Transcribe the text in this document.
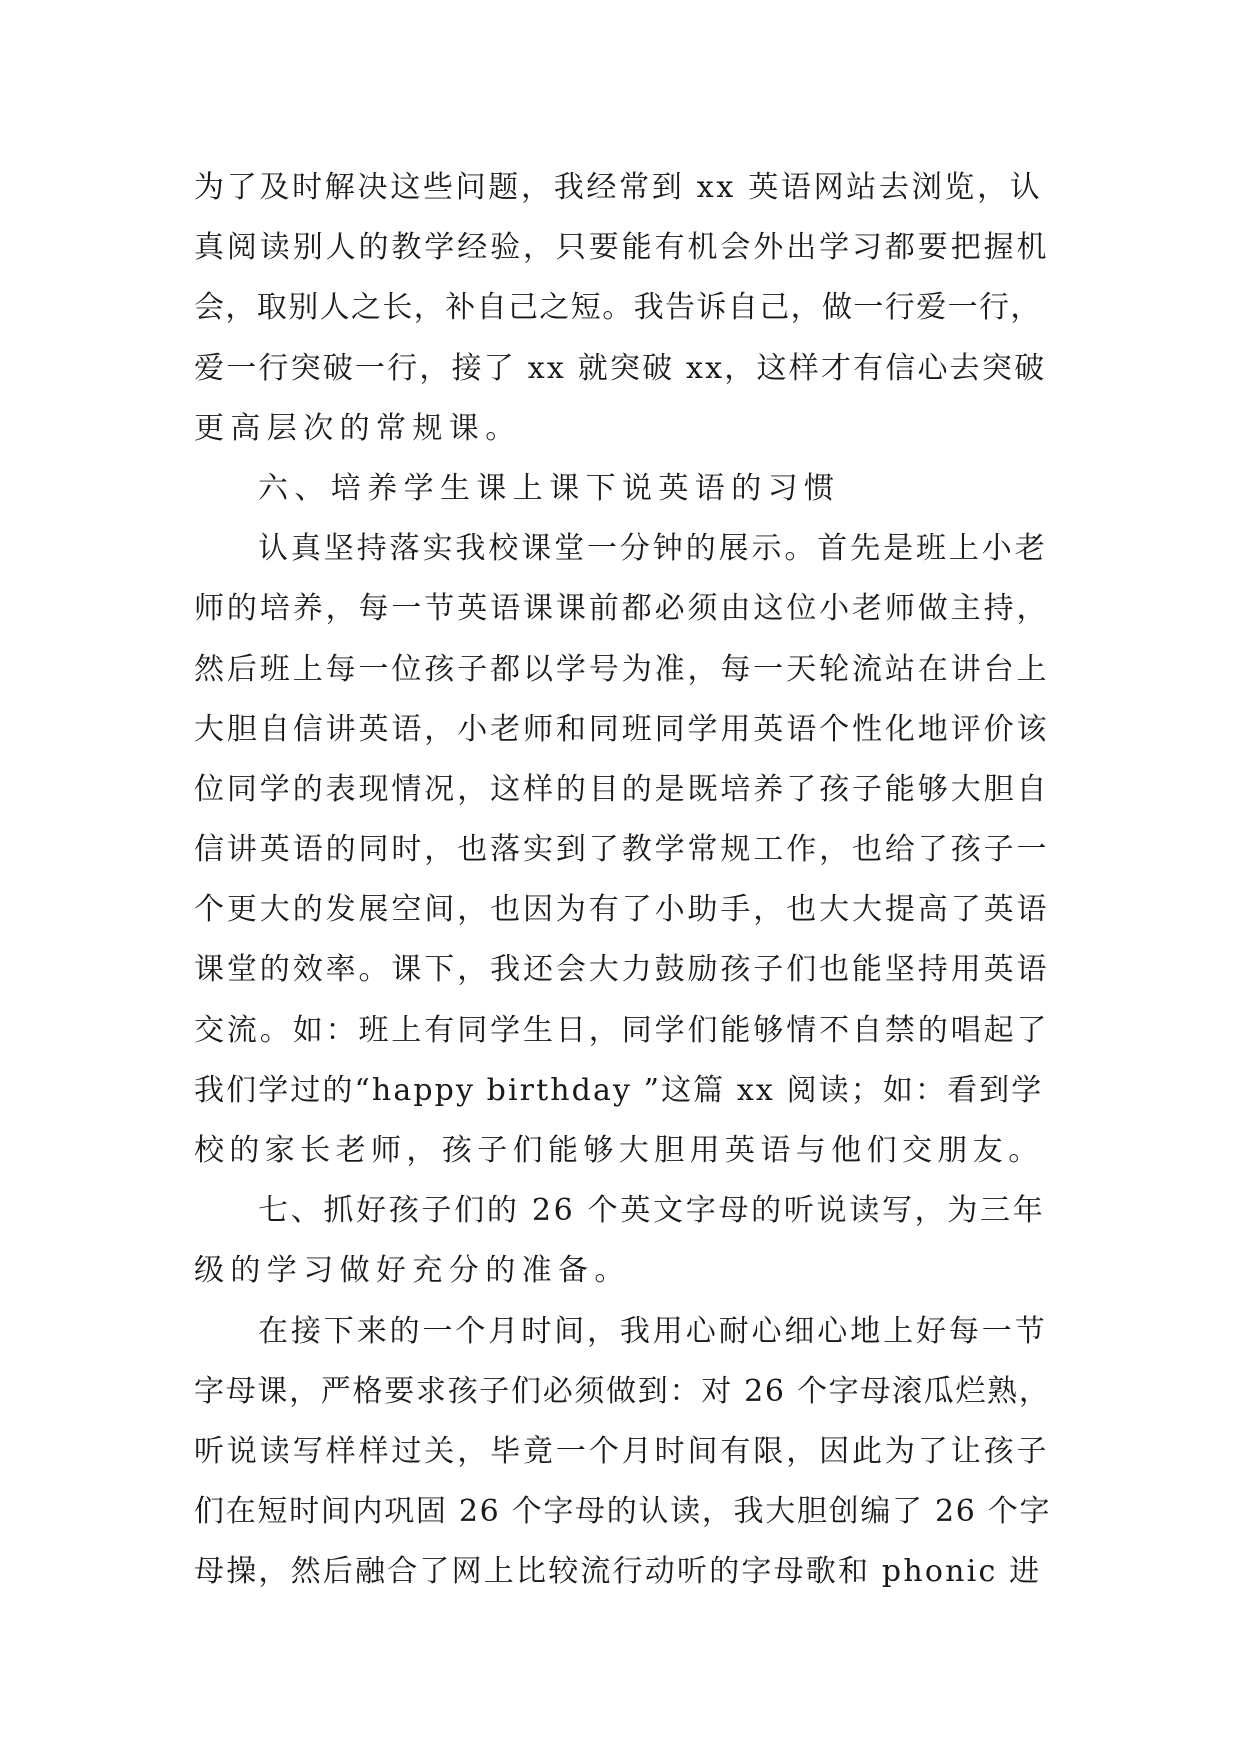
为了及时解决这些问题，我经常到 xx 英语网站去浏览，认
真阅读别人的教学经验，只要能有机会外出学习都要把握机
会，取别人之长，补自己之短。我告诉自己，做一行爱一行，
爱一行突破一行，接了 xx 就突破 xx，这样才有信心去突破
更高层次的常规课。
六、培养学生课上课下说英语的习惯
认真坚持落实我校课堂一分钟的展示。首先是班上小老
师的培养，每一节英语课课前都必须由这位小老师做主持，
然后班上每一位孩子都以学号为准，每一天轮流站在讲台上
大胆自信讲英语，小老师和同班同学用英语个性化地评价该
位同学的表现情况，这样的目的是既培养了孩子能够大胆自
信讲英语的同时，也落实到了教学常规工作，也给了孩子一
个更大的发展空间，也因为有了小助手，也大大提高了英语
课堂的效率。课下，我还会大力鼓励孩子们也能坚持用英语
交流。如：班上有同学生日，同学们能够情不自禁的唱起了
我们学过的“happy birthday ”这篇 xx 阅读；如：看到学
校的家长老师，孩子们能够大胆用英语与他们交朋友。
七、抓好孩子们的 26 个英文字母的听说读写，为三年
级的学习做好充分的准备。
在接下来的一个月时间，我用心耐心细心地上好每一节
字母课，严格要求孩子们必须做到：对 26 个字母滚瓜烂熟，
听说读写样样过关，毕竟一个月时间有限，因此为了让孩子
们在短时间内巩固 26 个字母的认读，我大胆创编了 26 个字
母操，然后融合了网上比较流行动听的字母歌和 phonic 进
